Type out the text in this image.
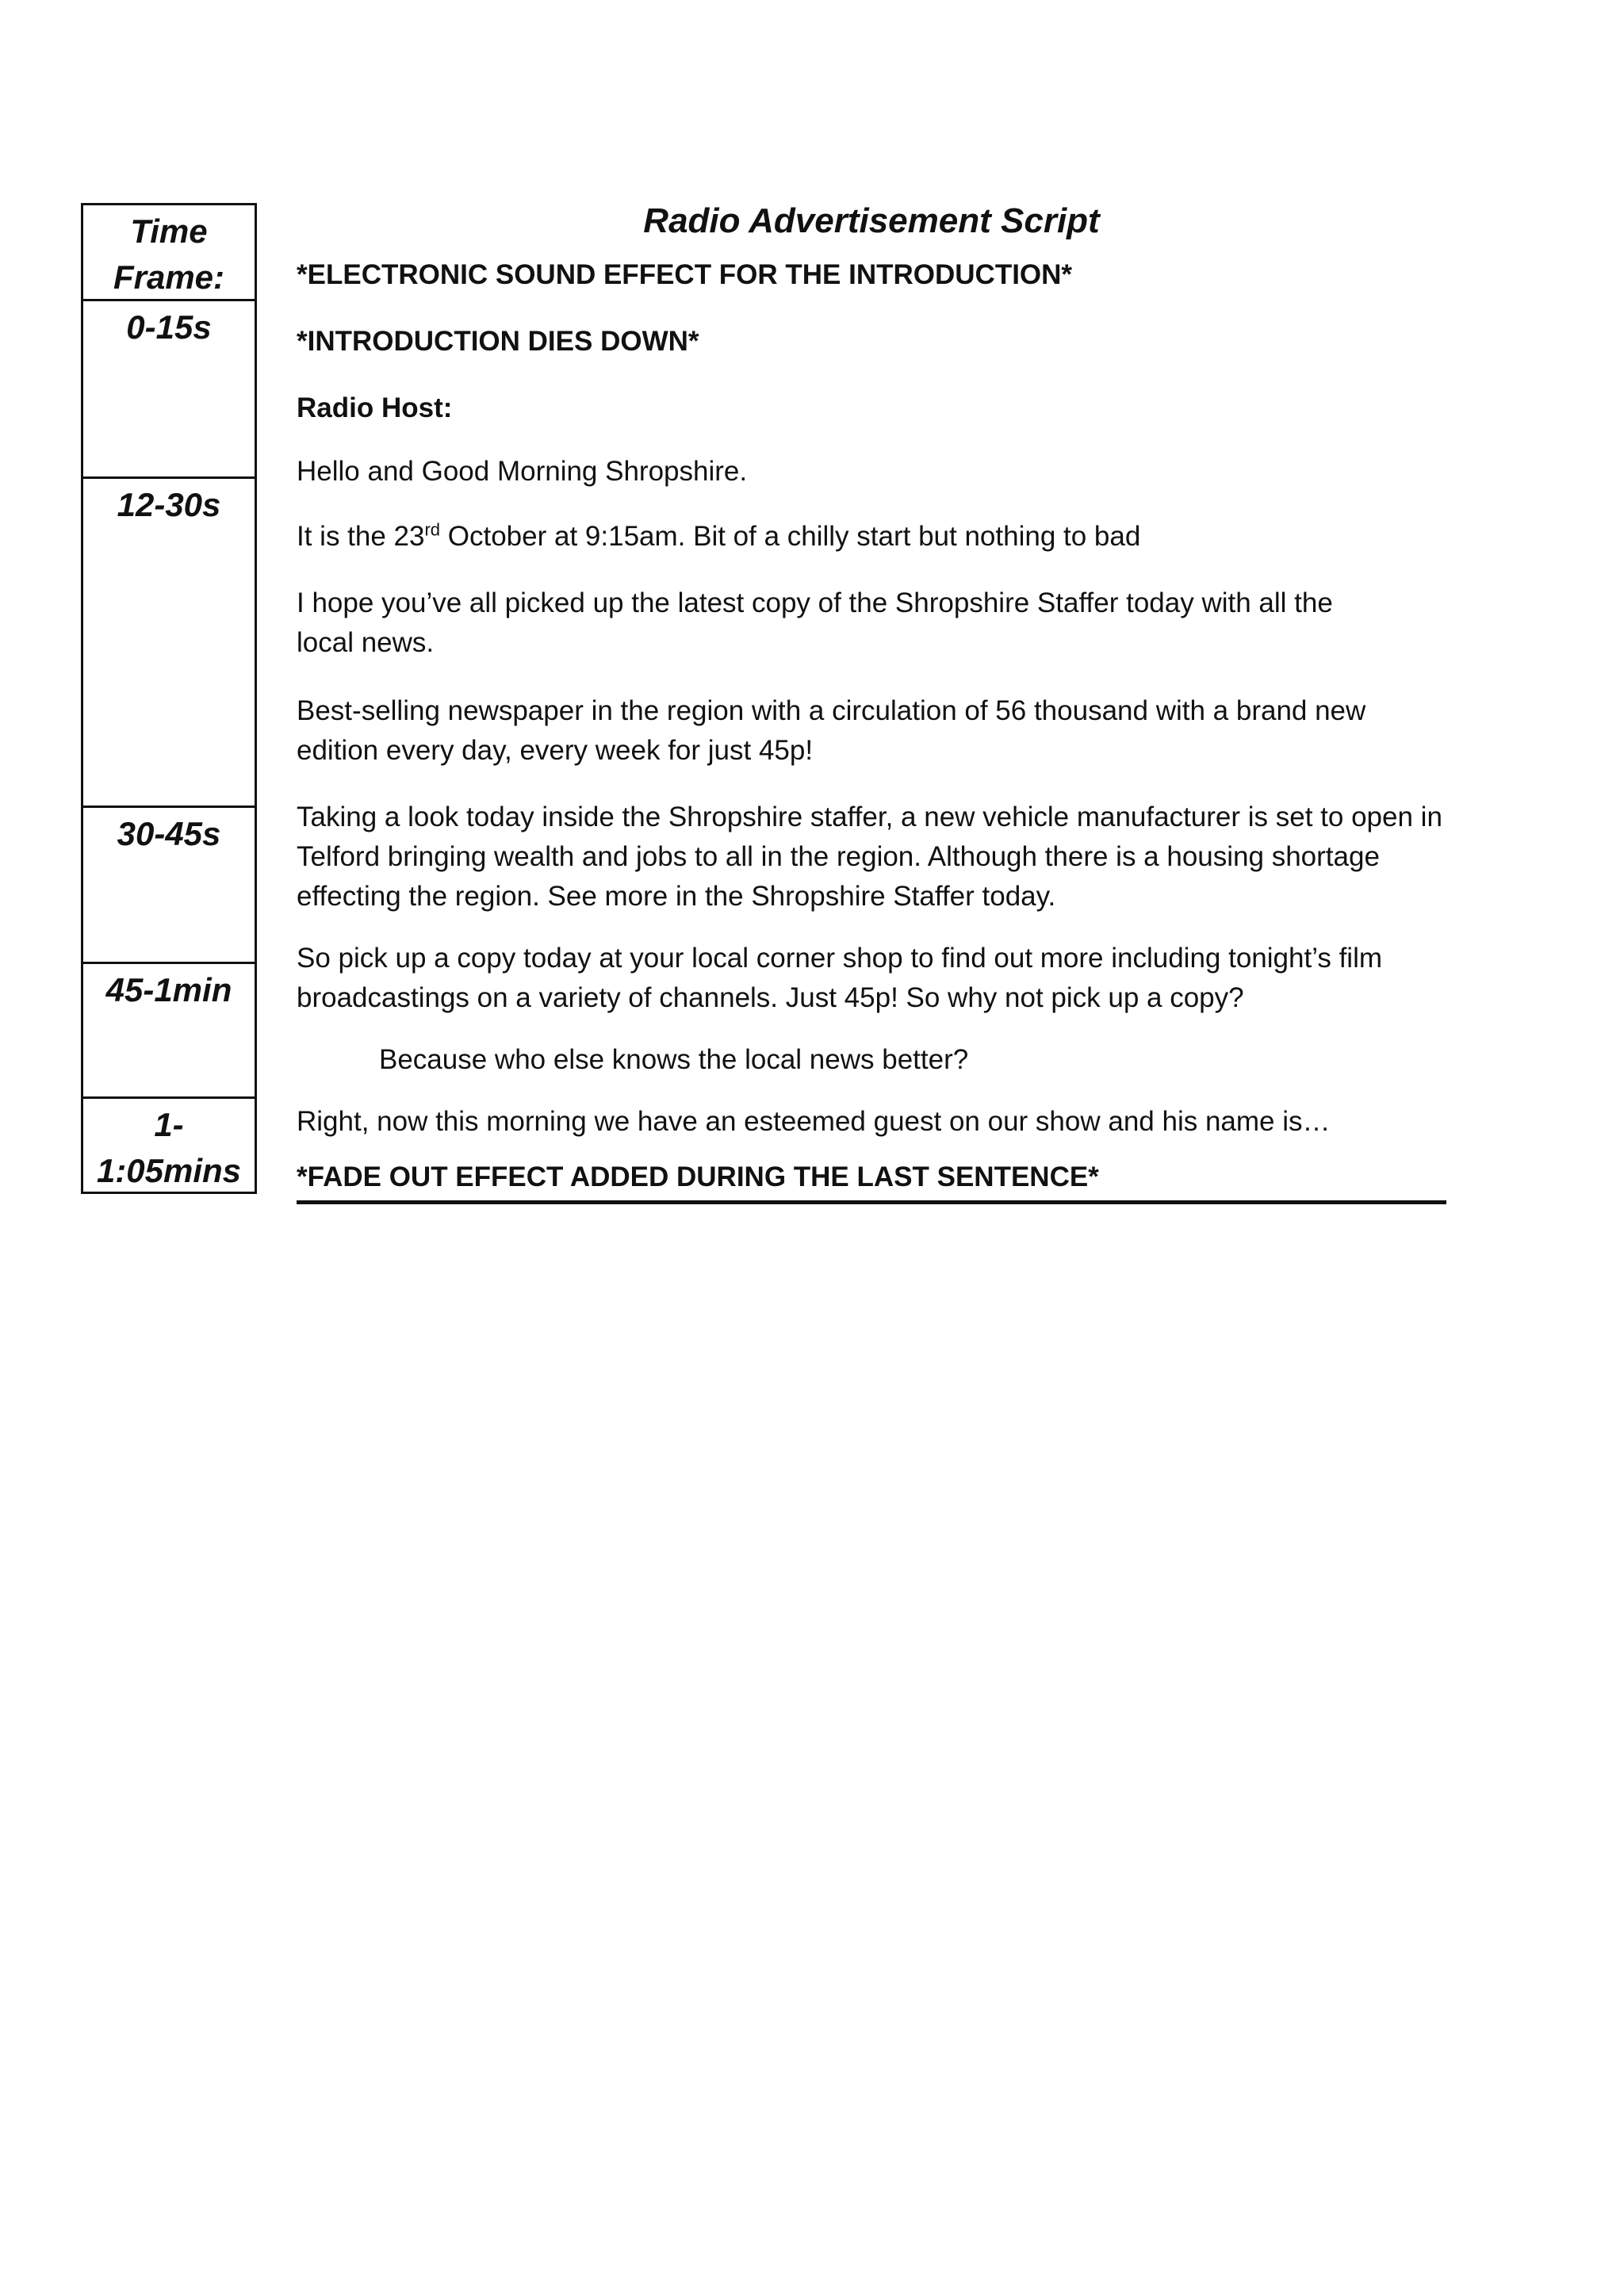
Time Frame:
0-15s
12-30s
30-45s
45-1min
1-1:05mins
Radio Advertisement Script

*ELECTRONIC SOUND EFFECT FOR THE INTRODUCTION*

*INTRODUCTION DIES DOWN*

Radio Host:

Hello and Good Morning Shropshire.

It is the 23rd October at 9:15am. Bit of a chilly start but nothing to bad

I hope you’ve all picked up the latest copy of the Shropshire Staffer today with all the local news.

Best-selling newspaper in the region with a circulation of 56 thousand with a brand new edition every day, every week for just 45p!

Taking a look today inside the Shropshire staffer, a new vehicle manufacturer is set to open in Telford bringing wealth and jobs to all in the region. Although there is a housing shortage effecting the region. See more in the Shropshire Staffer today.

So pick up a copy today at your local corner shop to find out more including tonight’s film broadcastings on a variety of channels. Just 45p! So why not pick up a copy?

Because who else knows the local news better?

Right, now this morning we have an esteemed guest on our show and his name is…

*FADE OUT EFFECT ADDED DURING THE LAST SENTENCE*
